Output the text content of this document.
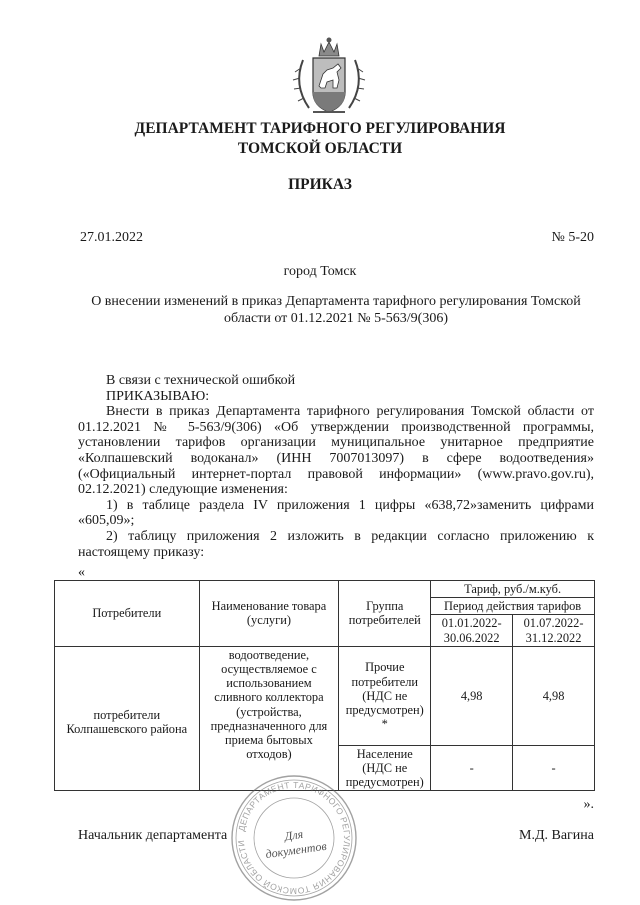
ДЕПАРТАМЕНТ ТАРИФНОГО РЕГУЛИРОВАНИЯ
ТОМСКОЙ ОБЛАСТИ
ПРИКАЗ
27.01.2022	№ 5-20
город Томск
О внесении изменений в приказ Департамента тарифного регулирования Томской области от 01.12.2021 № 5-563/9(306)

В связи с технической ошибкой

ПРИКАЗЫВАЮ:

Внести в приказ Департамента тарифного регулирования Томской области от 01.12.2021 № 5-563/9(306) «Об утверждении производственной программы, установлении тарифов организации муниципальное унитарное предприятие «Колпашевский водоканал» (ИНН 7007013097) в сфере водоотведения» («Официальный интернет-портал правовой информации» (www.pravo.gov.ru), 02.12.2021) следующие изменения:

1) в таблице раздела IV приложения 1 цифры «638,72»заменить цифрами «605,09»;

2) таблицу приложения 2 изложить в редакции согласно приложению к настоящему приказу:

«
Потребители	Наименование товара (услуги)	Группа потребителей	Тариф, руб./м.куб.	
			Период действия тарифов	
			01.01.2022-30.06.2022	01.07.2022-31.12.2022
потребители Колпашевского района	водоотведение, осуществляемое с использованием сливного коллектора (устройства, предназначенного для приема бытовых отходов)	Прочие потребители (НДС не предусмотрен) *	4,98	4,98
		Население (НДС не предусмотрен)	-	-
».
Начальник департамента	М.Д. Вагина
ДЕПАРТАМЕНТ ТАРИФНОГО РЕГУЛИРОВАНИЯ ТОМСКОЙ ОБЛАСТИ	Для
документов
